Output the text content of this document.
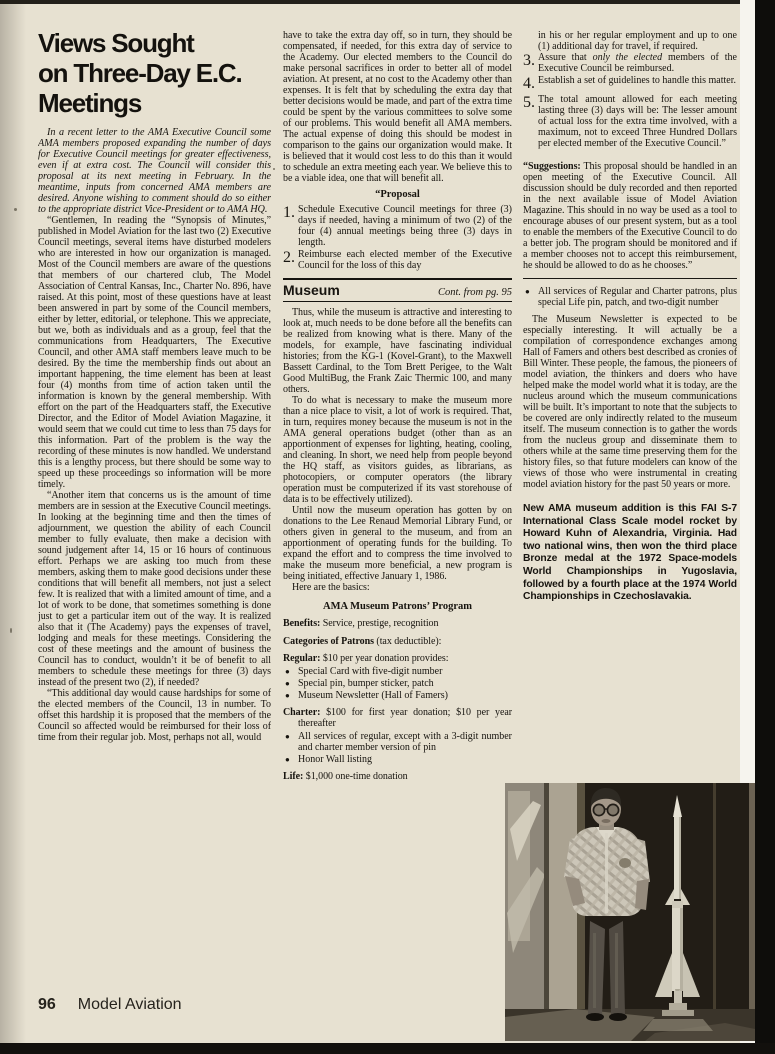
Views Sought
on Three-Day E.C.
Meetings

In a recent letter to the AMA Executive Council some AMA members proposed expanding the number of days for Executive Council meetings for greater effectiveness, even if at extra cost. The Council will consider this proposal at its next meeting in February. In the meantime, inputs from concerned AMA members are desired. Anyone wishing to comment should do so either to the appropriate district Vice-President or to AMA HQ.

“Gentlemen, In reading the “Synopsis of Minutes,” published in Model Aviation for the last two (2) Executive Council meetings, several items have disturbed modelers who are interested in how our organization is managed. Most of the Council members are aware of the questions that members of our chartered club, The Model Association of Central Kansas, Inc., Charter No. 896, have raised. At this point, most of these questions have at least been answered in part by some of the Council members, either by letter, editorial, or telephone. This we appreciate, but we, both as individuals and as a group, feel that the communications from Headquarters, The Executive Council, and other AMA staff members leave much to be desired. By the time the membership finds out about an important happening, the time element has been at least four (4) months from time of action taken until the information is known by the general membership. With effort on the part of the Headquarters staff, the Executive Director, and the Editor of Model Aviation Magazine, it would seem that we could cut time to less than 75 days for this information. Part of the problem is the way the recording of these minutes is now handled. We understand this is a lengthy process, but there should be some way to speed up these proceedings so information will be more timely.

“Another item that concerns us is the amount of time members are in session at the Executive Council meetings. In looking at the beginning time and then the times of adjournment, we question the ability of each Council member to fully evaluate, then make a decision with sound judgement after 14, 15 or 16 hours of continuous effort. Perhaps we are asking too much from these members, asking them to make good decisions under these conditions that will benefit all members, not just a select few. It is realized that with a limited amount of time, and a lot of work to be done, that sometimes something is done just to get a particular item out of the way. It is realized also that it (The Academy) pays the expenses of travel, lodging and meals for these meetings. Considering the cost of these meetings and the amount of business the Council has to conduct, wouldn’t it be of benefit to all members to schedule these meetings for three (3) days instead of the present two (2), if needed?

“This additional day would cause hardships for some of the elected members of the Council, 13 in number. To offset this hardship it is proposed that the members of the Council so affected would be reimbursed for their loss of time from their regular job. Most, perhaps not all, would

have to take the extra day off, so in turn, they should be compensated, if needed, for this extra day of service to the Academy. Our elected members to the Council do make personal sacrifices in order to better all of model aviation. At present, at no cost to the Academy other than expenses. It is felt that by scheduling the extra day that better decisions would be made, and part of the extra time could be spent by the various committees to solve some of our problems. This would benefit all AMA members. The actual expense of doing this should be modest in comparison to the gains our organization would make. It is believed that it would cost less to do this than it would to schedule an extra meeting each year. We believe this to be a viable idea, one that will benefit all.

“Proposal
1. Schedule Executive Council meetings for three (3) days if needed, having a minimum of two (2) of the four (4) annual meetings being three (3) days in length.
2. Reimburse each elected member of the Executive Council for the loss of this day
Museum	Cont. from pg. 95

Thus, while the museum is attractive and interesting to look at, much needs to be done before all the benefits can be realized from knowing what is there. Many of the models, for example, have fascinating individual histories; from the KG-1 (Kovel-Grant), to the Maxwell Bassett Cardinal, to the Tom Brett Perigee, to the Walt Good MultiBug, the Frank Zaic Thermic 100, and many others.

To do what is necessary to make the museum more than a nice place to visit, a lot of work is required. That, in turn, requires money because the museum is not in the AMA general operations budget (other than as an apportionment of expenses for lighting, heating, cooling, and cleaning. In short, we need help from people beyond the HQ staff, as visitors guides, as librarians, as photocopiers, or computer operators (the library operation must be computerized if its vast storehouse of data is to be effectively utilized).

Until now the museum operation has gotten by on donations to the Lee Renaud Memorial Library Fund, or others given in general to the museum, and from an apportionment of operating funds for the building. To expand the effort and to compress the time involved to make the museum more beneficial, a new program is being initiated, effective January 1, 1986.

Here are the basics:

AMA Museum Patrons’ Program

Benefits: Service, prestige, recognition

Categories of Patrons (tax deductible):

Regular: $10 per year donation provides:

● Special Card with five-digit number
● Special pin, bumper sticker, patch
● Museum Newsletter (Hall of Famers)

Charter: $100 for first year donation; $10 per year thereafter

● All services of regular, except with a 3-digit number and charter member version of pin
● Honor Wall listing

Life: $1,000 one-time donation

in his or her regular employment and up to one (1) additional day for travel, if required.
3. Assure that only the elected members of the Executive Council be reimbursed.
4. Establish a set of guidelines to handle this matter.
5. The total amount allowed for each meeting lasting three (3) days will be: The lesser amount of actual loss for the extra time involved, with a maximum, not to exceed Three Hundred Dollars per elected member of the Executive Council.”

“Suggestions: This proposal should be handled in an open meeting of the Executive Council. All discussion should be duly recorded and then reported in the next available issue of Model Aviation Magazine. This should in no way be used as a tool to encourage abuses of our present system, but as a tool to enable the members of the Executive Council to do a better job. The program should be monitored and if a member chooses not to accept this reimbursement, he should be allowed to do as he chooses.”

● All services of Regular and Charter patrons, plus special Life pin, patch, and two-digit number

The Museum Newsletter is expected to be especially interesting. It will actually be a compilation of correspondence exchanges among Hall of Famers and others best described as cronies of Bill Winter. These people, the famous, the pioneers of model aviation, the thinkers and doers who have helped make the model world what it is today, are the nucleus around which the museum communications will be built. It’s important to note that the subjects to be covered are only indirectly related to the museum itself. The museum connection is to gather the words from the nucleus group and disseminate them to others while at the same time preserving them for the history files, so that future modelers can know of the views of those who were instrumental in creating model aviation history for the past 50 years or more.

New AMA museum addition is this FAI S-7 International Class Scale model rocket by Howard Kuhn of Alexandria, Virginia. Had two national wins, then won the third place Bronze medal at the 1972 Space-models World Championships in Yugoslavia, followed by a fourth place at the 1974 World Championships in Czechoslavakia.

96 Model Aviation
